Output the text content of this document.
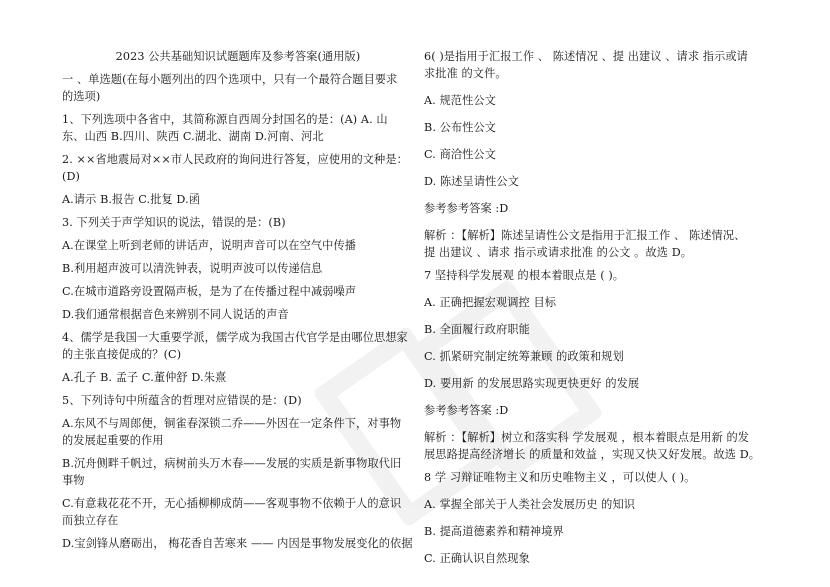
2023 公共基础知识试题题库及参考答案(通用版)
一 、单选题(在每小题列出的四个选项中，只有一个最符合题目要求
的选项)
1、下列选项中各省中，其简称源自西周分封国名的是：(A) A. 山
东、山西 B.四川、陕西 C.湖北、湖南 D.河南、河北
2. ××省地震局对××市人民政府的询问进行答复，应使用的文种是：
(D)
A.请示 B.报告 C.批复 D.函
3. 下列关于声学知识的说法，错误的是：(B)
A.在课堂上听到老师的讲话声，说明声音可以在空气中传播
B.利用超声波可以清洗钟表，说明声波可以传递信息
C.在城市道路旁设置隔声板，是为了在传播过程中减弱噪声
D.我们通常根据音色来辨别不同人说话的声音
4、儒学是我国一大重要学派，儒学成为我国古代官学是由哪位思想家
的主张直接促成的？(C)
A.孔子 B. 孟子 C.董仲舒 D.朱熹
5、下列诗句中所蕴含的哲理对应错误的是：(D)
A.东风不与周郎便，铜雀春深锁二乔——外因在一定条件下，对事物
的发展起重要的作用
B.沉舟侧畔千帆过，病树前头万木春——发展的实质是新事物取代旧
事物
C.有意栽花花不开，无心插柳柳成荫——客观事物不依赖于人的意识
而独立存在
D.宝剑锋从磨砺出， 梅花香自苦寒来 —— 内因是事物发展变化的依据
6( )是指用于汇报工作 、 陈述情况 、提 出建议 、请求 指示或请
求批准 的文件。
A. 规范性公文
B. 公布性公文
C. 商洽性公文
D. 陈述呈请性公文
参考参考答案 :D
解析 ：【解析】陈述呈请性公文是指用于汇报工作 、 陈述情况、
提 出建议 、请求 指示或请求批准 的公文 。故选 D。
7 坚持科学发展观 的根本着眼点是 ( )。
A. 正确把握宏观调控 目标
B. 全面履行政府职能
C. 抓紧研究制定统筹兼顾 的政策和规划
D. 要用新 的发展思路实现更快更好 的发展
参考参考答案 :D
解析 ：【解析】树立和落实科 学发展观 ，根本着眼点是用新 的发
展思路提高经济增长 的质量和效益 ，实现又快又好发展。故选 D。
8 学 习辩证唯物主义和历史唯物主义 ，可以使人 ( )。
A. 掌握全部关于人类社会发展历史 的知识
B. 提高道德素养和精神境界
C. 正确认识自然现象
